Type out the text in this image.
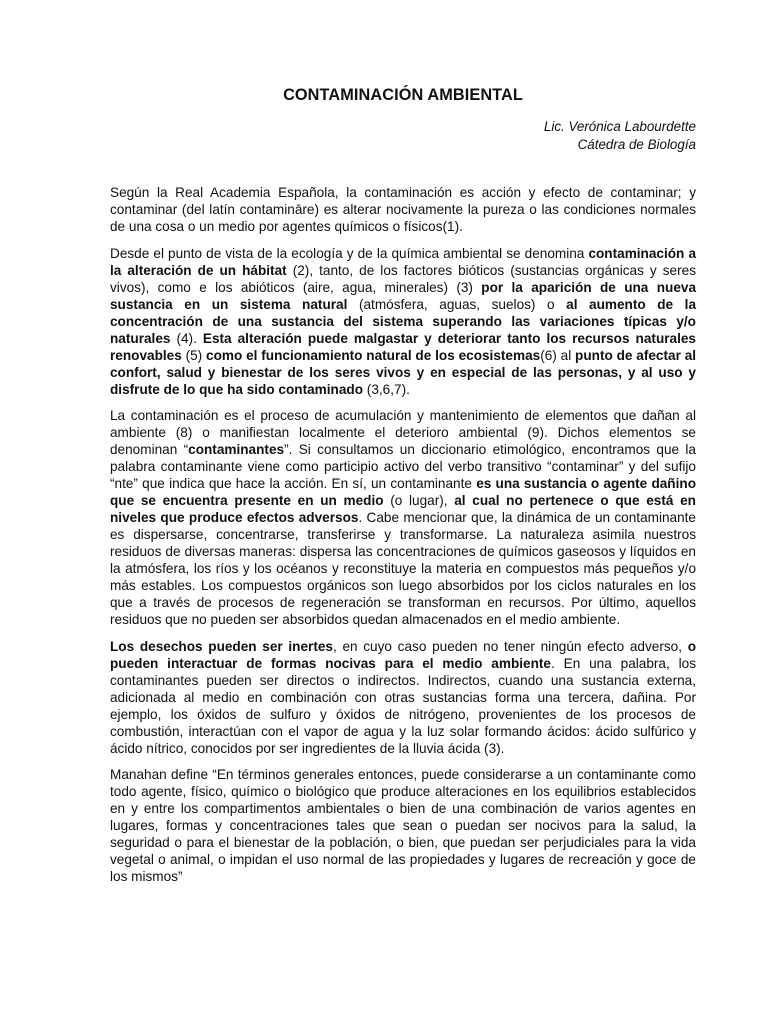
CONTAMINACIÓN AMBIENTAL
Lic. Verónica Labourdette
Cátedra de Biología

Según la Real Academia Española, la contaminación es acción y efecto de contaminar; y contaminar (del latín contamināre) es alterar nocivamente la pureza o las condiciones normales de una cosa o un medio por agentes químicos o físicos(1).

Desde el punto de vista de la ecología y de la química ambiental se denomina contaminación a la alteración de un hábitat (2), tanto, de los factores bióticos (sustancias orgánicas y seres vivos), como e los abióticos (aire, agua, minerales) (3) por la aparición de una nueva sustancia en un sistema natural (atmósfera, aguas, suelos) o al aumento de la concentración de una sustancia del sistema superando las variaciones típicas y/o naturales (4). Esta alteración puede malgastar y deteriorar tanto los recursos naturales renovables (5) como el funcionamiento natural de los ecosistemas(6) al punto de afectar al confort, salud y bienestar de los seres vivos y en especial de las personas, y al uso y disfrute de lo que ha sido contaminado (3,6,7).

La contaminación es el proceso de acumulación y mantenimiento de elementos que dañan al ambiente (8) o manifiestan localmente el deterioro ambiental (9). Dichos elementos se denominan “contaminantes”. Si consultamos un diccionario etimológico, encontramos que la palabra contaminante viene como participio activo del verbo transitivo “contaminar” y del sufijo “nte” que indica que hace la acción. En sí, un contaminante es una sustancia o agente dañino que se encuentra presente en un medio (o lugar), al cual no pertenece o que está en niveles que produce efectos adversos. Cabe mencionar que, la dinámica de un contaminante es dispersarse, concentrarse, transferirse y transformarse. La naturaleza asimila nuestros residuos de diversas maneras: dispersa las concentraciones de químicos gaseosos y líquidos en la atmósfera, los ríos y los océanos y reconstituye la materia en compuestos más pequeños y/o más estables. Los compuestos orgánicos son luego absorbidos por los ciclos naturales en los que a través de procesos de regeneración se transforman en recursos. Por último, aquellos residuos que no pueden ser absorbidos quedan almacenados en el medio ambiente.

Los desechos pueden ser inertes, en cuyo caso pueden no tener ningún efecto adverso, o pueden interactuar de formas nocivas para el medio ambiente. En una palabra, los contaminantes pueden ser directos o indirectos. Indirectos, cuando una sustancia externa, adicionada al medio en combinación con otras sustancias forma una tercera, dañina. Por ejemplo, los óxidos de sulfuro y óxidos de nitrógeno, provenientes de los procesos de combustión, interactúan con el vapor de agua y la luz solar formando ácidos: ácido sulfúrico y ácido nítrico, conocidos por ser ingredientes de la lluvia ácida (3).

Manahan define “En términos generales entonces, puede considerarse a un contaminante como todo agente, físico, químico o biológico que produce alteraciones en los equilibrios establecidos en y entre los compartimentos ambientales o bien de una combinación de varios agentes en lugares, formas y concentraciones tales que sean o puedan ser nocivos para la salud, la seguridad o para el bienestar de la población, o bien, que puedan ser perjudiciales para la vida vegetal o animal, o impidan el uso normal de las propiedades y lugares de recreación y goce de los mismos”
